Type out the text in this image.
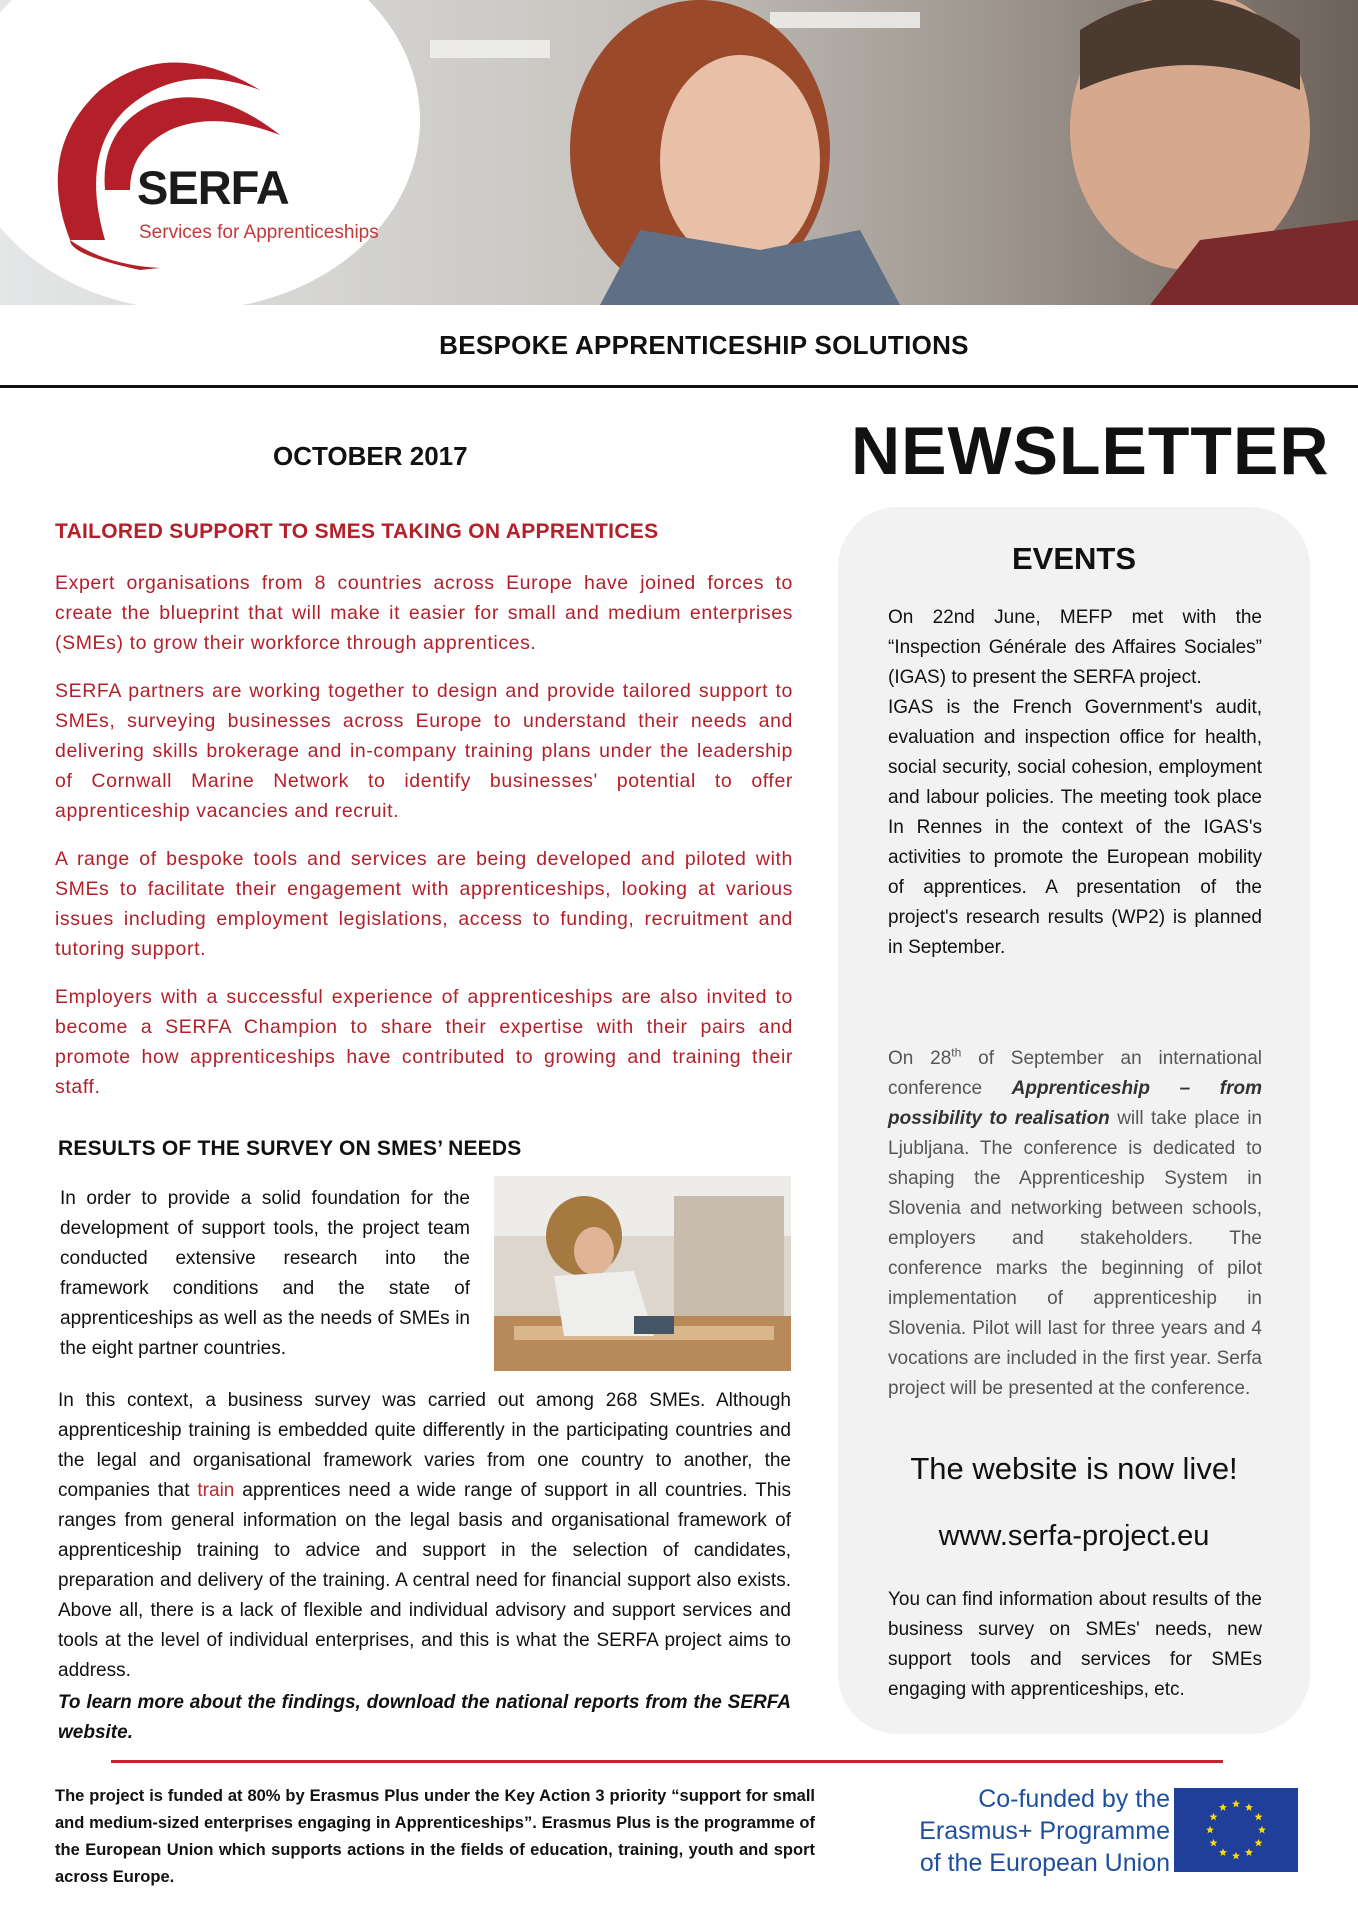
SERFA
Services for Apprenticeships
BESPOKE APPRENTICESHIP SOLUTIONS
OCTOBER 2017
TAILORED SUPPORT TO SMES TAKING ON APPRENTICES

Expert organisations from 8 countries across Europe have joined forces to create the blueprint that will make it easier for small and medium enterprises (SMEs) to grow their workforce through apprentices.

SERFA partners are working together to design and provide tailored support to SMEs, surveying businesses across Europe to understand their needs and delivering skills brokerage and in-company training plans under the leadership of Cornwall Marine Network to identify businesses' potential to offer apprenticeship vacancies and recruit.

A range of bespoke tools and services are being developed and piloted with SMEs to facilitate their engagement with apprenticeships, looking at various issues including employment legislations, access to funding, recruitment and tutoring support.

Employers with a successful experience of apprenticeships are also invited to become a SERFA Champion to share their expertise with their pairs and promote how apprenticeships have contributed to growing and training their staff.

RESULTS OF THE SURVEY ON SMES’ NEEDS

In order to provide a solid foundation for the development of support tools, the project team conducted extensive research into the framework conditions and the state of apprenticeships as well as the needs of SMEs in the eight partner countries.

In this context, a business survey was carried out among 268 SMEs. Although apprenticeship training is embedded quite differently in the participating countries and the legal and organisational framework varies from one country to another, the companies that train apprentices need a wide range of support in all countries. This ranges from general information on the legal basis and organisational framework of apprenticeship training to advice and support in the selection of candidates, preparation and delivery of the training. A central need for financial support also exists. Above all, there is a lack of flexible and individual advisory and support services and tools at the level of individual enterprises, and this is what the SERFA project aims to address.

To learn more about the findings, download the national reports from the SERFA website.

NEWSLETTER
EVENTS
On 22nd June, MEFP met with the “Inspection Générale des Affaires Sociales” (IGAS) to present the SERFA project.
IGAS is the French Government's audit, evaluation and inspection office for health, social security, social cohesion, employment and labour policies. The meeting took place In Rennes in the context of the IGAS's activities to promote the European mobility of apprentices. A presentation of the project's research results (WP2) is planned in September.

On 28th of September an international conference Apprenticeship – from possibility to realisation will take place in Ljubljana. The conference is dedicated to shaping the Apprenticeship System in Slovenia and networking between schools, employers and stakeholders. The conference marks the beginning of pilot implementation of apprenticeship in Slovenia. Pilot will last for three years and 4 vocations are included in the first year. Serfa project will be presented at the conference.

The website is now live!
www.serfa-project.eu

You can find information about results of the business survey on SMEs' needs, new support tools and services for SMEs engaging with apprenticeships, etc.

The project is funded at 80% by Erasmus Plus under the Key Action 3 priority “support for small and medium-sized enterprises engaging in Apprenticeships”. Erasmus Plus is the programme of the European Union which supports actions in the fields of education, training, youth and sport across Europe.

Co-funded by the
Erasmus+ Programme
of the European Union
